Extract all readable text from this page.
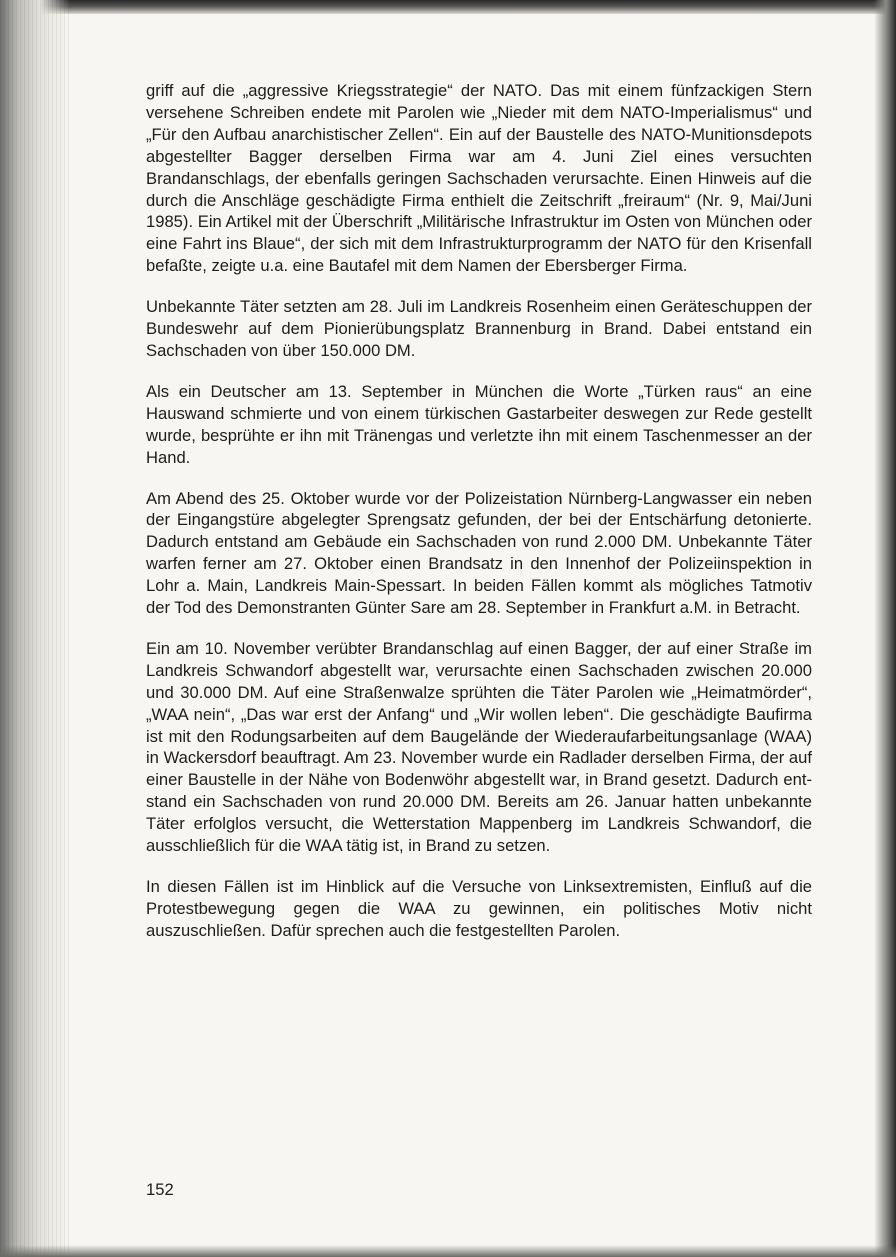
griff auf die „aggressive Kriegsstrategie“ der NATO. Das mit einem fünfzackigen Stern versehene Schreiben endete mit Parolen wie „Nieder mit dem NATO-Imperialismus“ und „Für den Aufbau anarchistischer Zellen“. Ein auf der Baustelle des NATO-Munitionsdepots abgestellter Bagger derselben Firma war am 4. Juni Ziel eines versuchten Brandanschlags, der ebenfalls geringen Sachschaden verursachte. Einen Hinweis auf die durch die Anschläge geschädigte Firma enthielt die Zeitschrift „freiraum“ (Nr. 9, Mai/Juni 1985). Ein Artikel mit der Überschrift „Militärische Infrastruktur im Osten von München oder eine Fahrt ins Blaue“, der sich mit dem Infrastrukturprogramm der NATO für den Krisenfall befaßte, zeigte u.a. eine Bautafel mit dem Namen der Ebersberger Firma.

Unbekannte Täter setzten am 28. Juli im Landkreis Rosenheim einen Geräteschuppen der Bundeswehr auf dem Pionierübungsplatz Brannenburg in Brand. Dabei entstand ein Sachschaden von über 150.000 DM.

Als ein Deutscher am 13. September in München die Worte „Türken raus“ an eine Hauswand schmierte und von einem türkischen Gastarbeiter deswegen zur Rede gestellt wurde, besprühte er ihn mit Tränengas und verletzte ihn mit einem Taschenmesser an der Hand.

Am Abend des 25. Oktober wurde vor der Polizeistation Nürnberg-Langwasser ein neben der Eingangstüre abgelegter Sprengsatz gefunden, der bei der Entschärfung detonierte. Dadurch entstand am Gebäude ein Sachschaden von rund 2.000 DM. Unbekannte Täter warfen ferner am 27. Oktober einen Brandsatz in den Innenhof der Polizeiinspektion in Lohr a. Main, Landkreis Main-Spessart. In beiden Fällen kommt als mögliches Tatmotiv der Tod des Demonstranten Günter Sare am 28. September in Frankfurt a.M. in Betracht.

Ein am 10. November verübter Brandanschlag auf einen Bagger, der auf einer Straße im Landkreis Schwandorf abgestellt war, verursachte einen Sachschaden zwischen 20.000 und 30.000 DM. Auf eine Straßenwalze sprühten die Täter Parolen wie „Heimatmörder“, „WAA nein“, „Das war erst der Anfang“ und „Wir wollen leben“. Die geschädigte Baufirma ist mit den Rodungsarbeiten auf dem Baugelände der Wiederaufarbeitungsanlage (WAA) in Wackersdorf beauftragt. Am 23. November wurde ein Radlader derselben Firma, der auf einer Baustelle in der Nähe von Bodenwöhr abgestellt war, in Brand gesetzt. Dadurch entstand ein Sachschaden von rund 20.000 DM. Bereits am 26. Januar hatten unbekannte Täter erfolglos versucht, die Wetterstation Mappenberg im Landkreis Schwandorf, die ausschließlich für die WAA tätig ist, in Brand zu setzen.

In diesen Fällen ist im Hinblick auf die Versuche von Linksextremisten, Einfluß auf die Protestbewegung gegen die WAA zu gewinnen, ein politisches Motiv nicht auszuschließen. Dafür sprechen auch die festgestellten Parolen.

152
